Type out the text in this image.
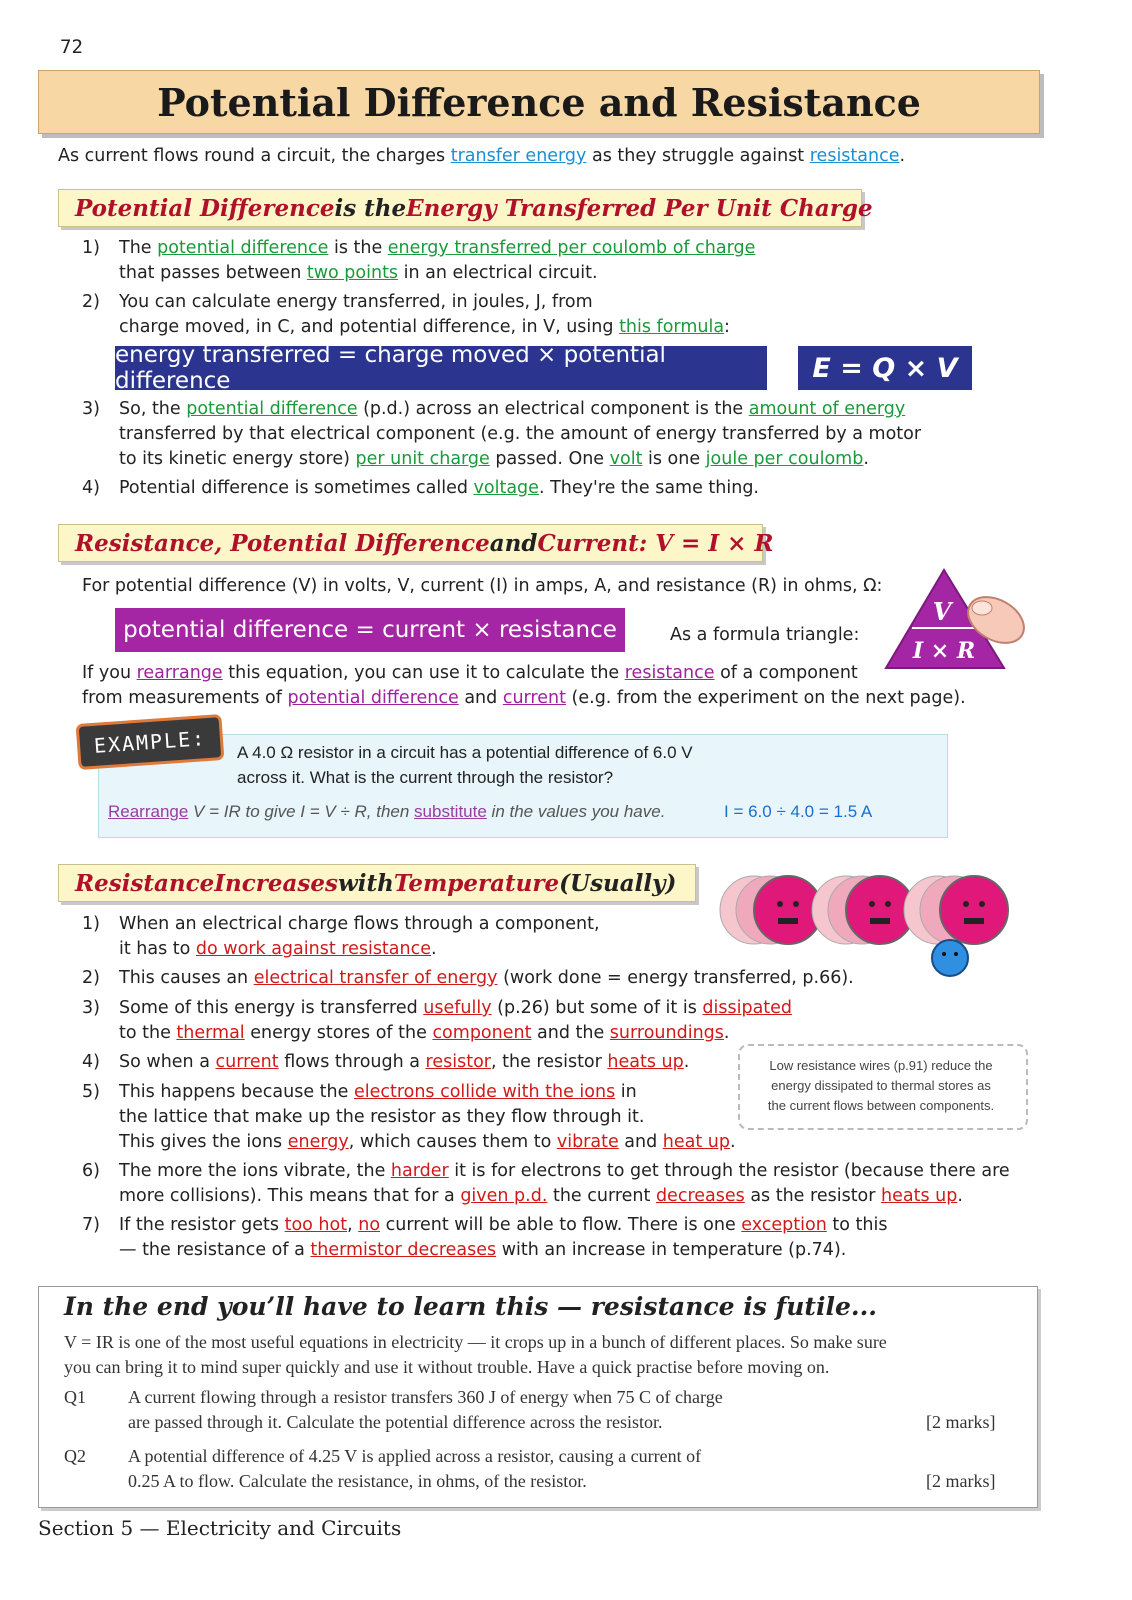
72
Potential Difference and Resistance
As current flows round a circuit, the charges transfer energy as they struggle against resistance.
Potential Difference is the Energy Transferred Per Unit Charge
1) The potential difference is the energy transferred per coulomb of charge
that passes between two points in an electrical circuit.
2) You can calculate energy transferred, in joules, J, from
charge moved, in C, and potential difference, in V, using this formula:
energy transferred = charge moved × potential difference	E = Q × V
3) So, the potential difference (p.d.) across an electrical component is the amount of energy
transferred by that electrical component (e.g. the amount of energy transferred by a motor
to its kinetic energy store) per unit charge passed. One volt is one joule per coulomb.
4) Potential difference is sometimes called voltage. They're the same thing.
Resistance, Potential Difference and Current: V = I × R
For potential difference (V) in volts, V, current (I) in amps, A, and resistance (R) in ohms, Ω:
potential difference = current × resistance	As a formula triangle:
V
I × R
If you rearrange this equation, you can use it to calculate the resistance of a component
from measurements of potential difference and current (e.g. from the experiment on the next page).
EXAMPLE:	A 4.0 Ω resistor in a circuit has a potential difference of 6.0 V
across it. What is the current through the resistor?
Rearrange V = IR to give I = V ÷ R, then substitute in the values you have.	I = 6.0 ÷ 4.0 = 1.5 A
Resistance Increases with Temperature (Usually)
1) When an electrical charge flows through a component,
it has to do work against resistance.
2) This causes an electrical transfer of energy (work done = energy transferred, p.66).
3) Some of this energy is transferred usefully (p.26) but some of it is dissipated
to the thermal energy stores of the component and the surroundings.
4) So when a current flows through a resistor, the resistor heats up.
5) This happens because the electrons collide with the ions in
the lattice that make up the resistor as they flow through it.
This gives the ions energy, which causes them to vibrate and heat up.
Low resistance wires (p.91) reduce the
energy dissipated to thermal stores as
the current flows between components.
6) The more the ions vibrate, the harder it is for electrons to get through the resistor (because there are
more collisions). This means that for a given p.d. the current decreases as the resistor heats up.
7) If the resistor gets too hot, no current will be able to flow. There is one exception to this
— the resistance of a thermistor decreases with an increase in temperature (p.74).
In the end you’ll have to learn this — resistance is futile...
V = IR is one of the most useful equations in electricity — it crops up in a bunch of different places. So make sure
you can bring it to mind super quickly and use it without trouble. Have a quick practise before moving on.
Q1 A current flowing through a resistor transfers 360 J of energy when 75 C of charge
are passed through it. Calculate the potential difference across the resistor.	[2 marks]
Q2 A potential difference of 4.25 V is applied across a resistor, causing a current of
0.25 A to flow. Calculate the resistance, in ohms, of the resistor.	[2 marks]
Section 5 — Electricity and Circuits
